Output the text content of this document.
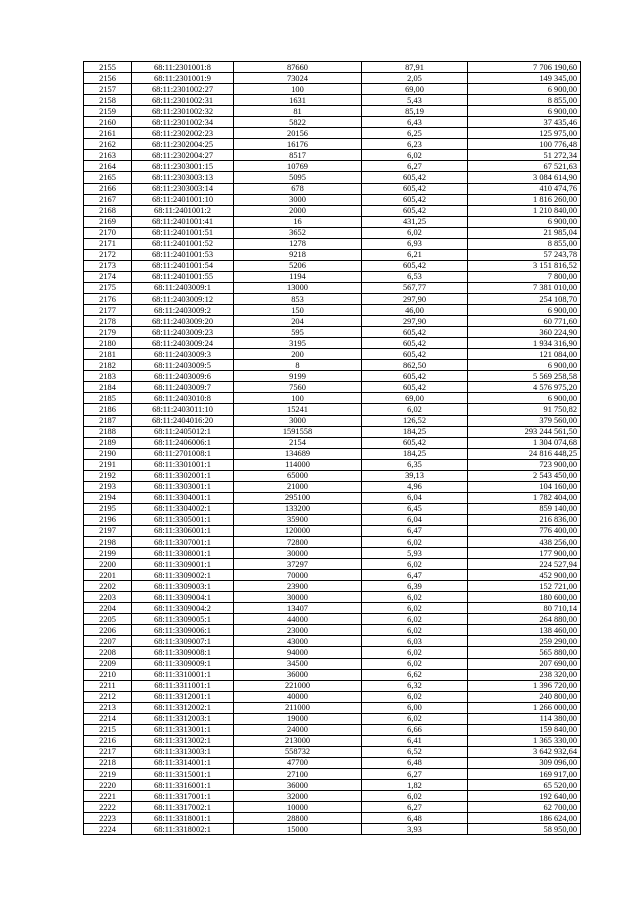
2155	68:11:2301001:8	87660	87,91	7 706 190,60
2156	68:11:2301001:9	73024	2,05	149 345,00
2157	68:11:2301002:27	100	69,00	6 900,00
2158	68:11:2301002:31	1631	5,43	8 855,00
2159	68:11:2301002:32	81	85,19	6 900,00
2160	68:11:2301002:34	5822	6,43	37 435,46
2161	68:11:2302002:23	20156	6,25	125 975,00
2162	68:11:2302004:25	16176	6,23	100 776,48
2163	68:11:2302004:27	8517	6,02	51 272,34
2164	68:11:2303001:15	10769	6,27	67 521,63
2165	68:11:2303003:13	5095	605,42	3 084 614,90
2166	68:11:2303003:14	678	605,42	410 474,76
2167	68:11:2401001:10	3000	605,42	1 816 260,00
2168	68:11:2401001:2	2000	605,42	1 210 840,00
2169	68:11:2401001:41	16	431,25	6 900,00
2170	68:11:2401001:51	3652	6,02	21 985,04
2171	68:11:2401001:52	1278	6,93	8 855,00
2172	68:11:2401001:53	9218	6,21	57 243,78
2173	68:11:2401001:54	5206	605,42	3 151 816,52
2174	68:11:2401001:55	1194	6,53	7 800,00
2175	68:11:2403009:1	13000	567,77	7 381 010,00
2176	68:11:2403009:12	853	297,90	254 108,70
2177	68:11:2403009:2	150	46,00	6 900,00
2178	68:11:2403009:20	204	297,90	60 771,60
2179	68:11:2403009:23	595	605,42	360 224,90
2180	68:11:2403009:24	3195	605,42	1 934 316,90
2181	68:11:2403009:3	200	605,42	121 084,00
2182	68:11:2403009:5	8	862,50	6 900,00
2183	68:11:2403009:6	9199	605,42	5 569 258,58
2184	68:11:2403009:7	7560	605,42	4 576 975,20
2185	68:11:2403010:8	100	69,00	6 900,00
2186	68:11:2403011:10	15241	6,02	91 750,82
2187	68:11:2404016:20	3000	126,52	379 560,00
2188	68:11:2405012:1	1591558	184,25	293 244 561,50
2189	68:11:2406006:1	2154	605,42	1 304 074,68
2190	68:11:2701008:1	134689	184,25	24 816 448,25
2191	68:11:3301001:1	114000	6,35	723 900,00
2192	68:11:3302001:1	65000	39,13	2 543 450,00
2193	68:11:3303001:1	21000	4,96	104 160,00
2194	68:11:3304001:1	295100	6,04	1 782 404,00
2195	68:11:3304002:1	133200	6,45	859 140,00
2196	68:11:3305001:1	35900	6,04	216 836,00
2197	68:11:3306001:1	120000	6,47	776 400,00
2198	68:11:3307001:1	72800	6,02	438 256,00
2199	68:11:3308001:1	30000	5,93	177 900,00
2200	68:11:3309001:1	37297	6,02	224 527,94
2201	68:11:3309002:1	70000	6,47	452 900,00
2202	68:11:3309003:1	23900	6,39	152 721,00
2203	68:11:3309004:1	30000	6,02	180 600,00
2204	68:11:3309004:2	13407	6,02	80 710,14
2205	68:11:3309005:1	44000	6,02	264 880,00
2206	68:11:3309006:1	23000	6,02	138 460,00
2207	68:11:3309007:1	43000	6,03	259 290,00
2208	68:11:3309008:1	94000	6,02	565 880,00
2209	68:11:3309009:1	34500	6,02	207 690,00
2210	68:11:3310001:1	36000	6,62	238 320,00
2211	68:11:3311001:1	221000	6,32	1 396 720,00
2212	68:11:3312001:1	40000	6,02	240 800,00
2213	68:11:3312002:1	211000	6,00	1 266 000,00
2214	68:11:3312003:1	19000	6,02	114 380,00
2215	68:11:3313001:1	24000	6,66	159 840,00
2216	68:11:3313002:1	213000	6,41	1 365 330,00
2217	68:11:3313003:1	558732	6,52	3 642 932,64
2218	68:11:3314001:1	47700	6,48	309 096,00
2219	68:11:3315001:1	27100	6,27	169 917,00
2220	68:11:3316001:1	36000	1,82	65 520,00
2221	68:11:3317001:1	32000	6,02	192 640,00
2222	68:11:3317002:1	10000	6,27	62 700,00
2223	68:11:3318001:1	28800	6,48	186 624,00
2224	68:11:3318002:1	15000	3,93	58 950,00
